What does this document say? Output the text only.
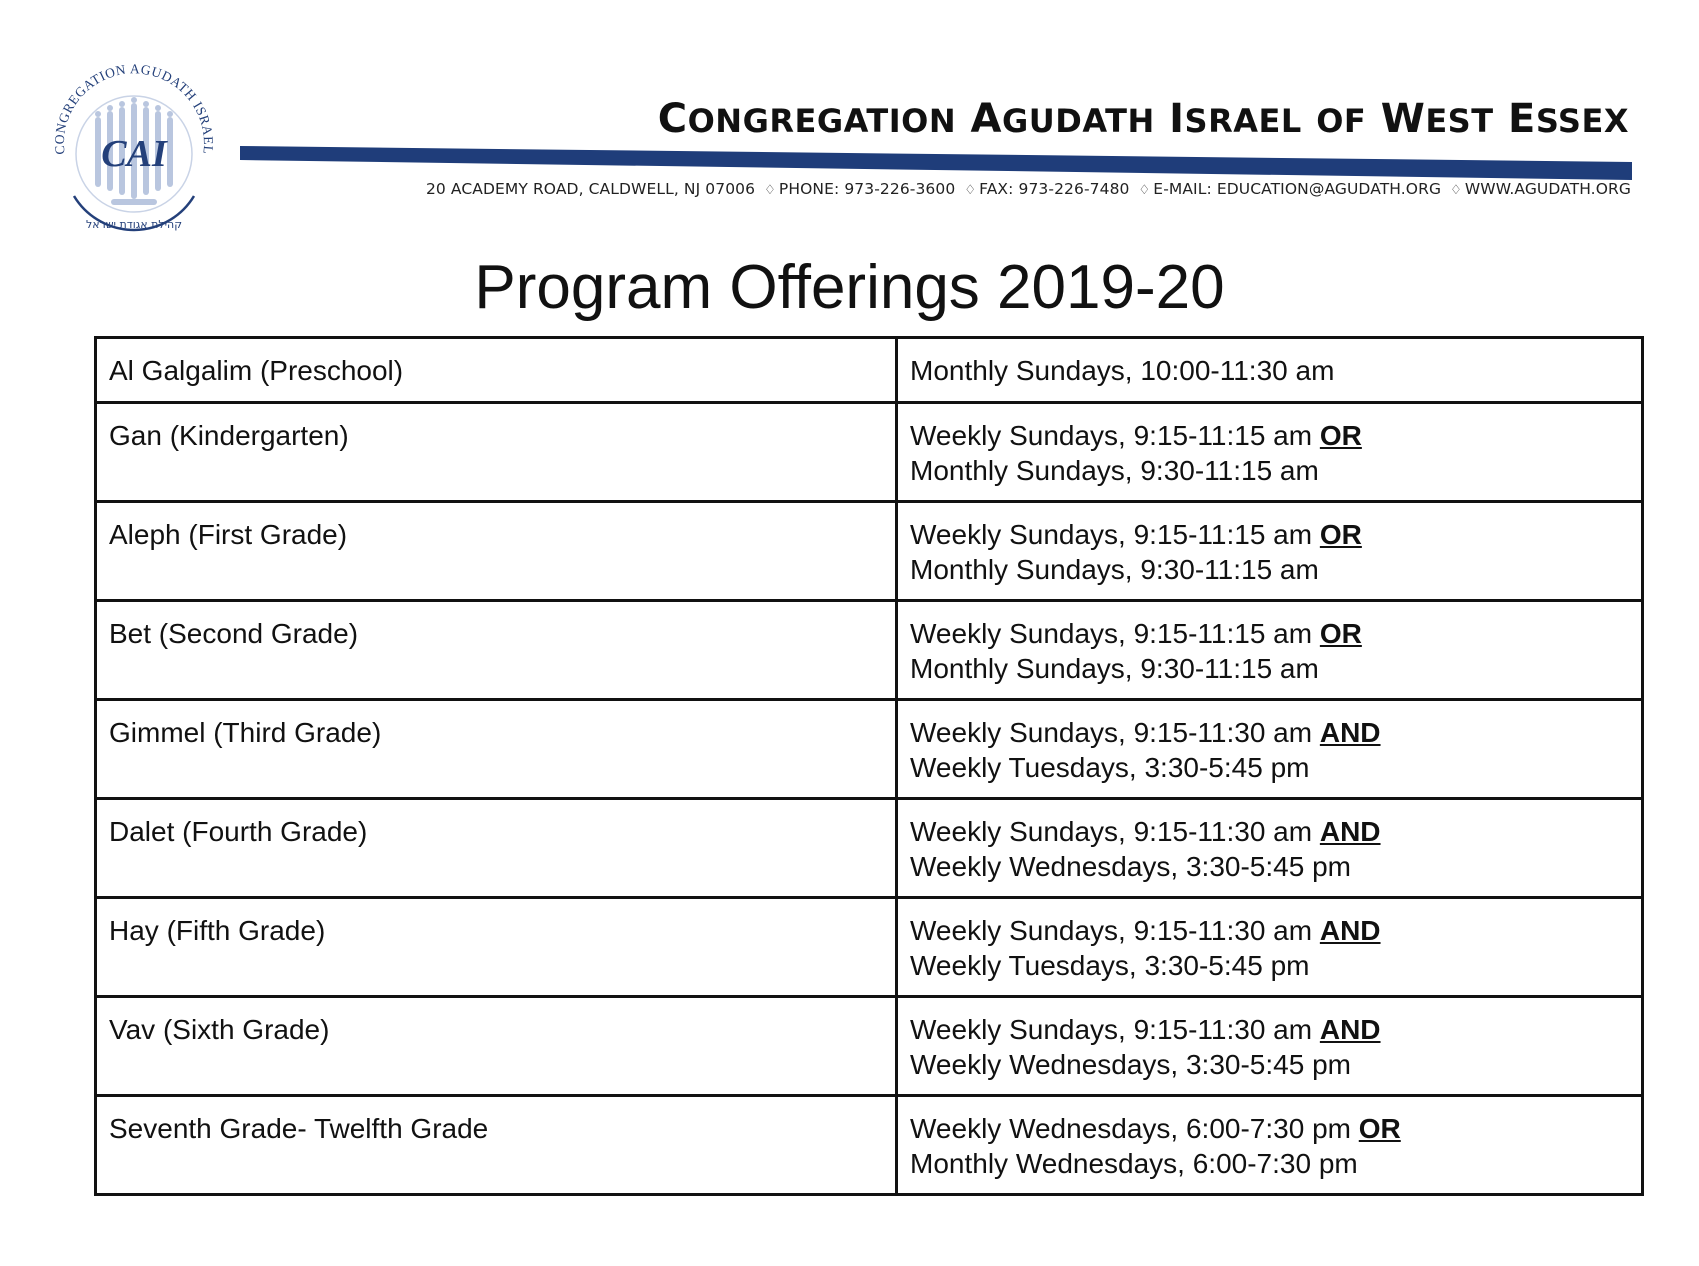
CAI
CONGREGATION AGUDATH ISRAEL
קהילת אגודת ישראל
CONGREGATION AGUDATH ISRAEL OF WEST ESSEX
20 ACADEMY ROAD, CALDWELL, NJ 07006 ♢ PHONE: 973-226-3600 ♢ FAX: 973-226-7480 ♢ E-MAIL: EDUCATION@AGUDATH.ORG ♢ WWW.AGUDATH.ORG
Program Offerings 2019-20
Al Galgalim (Preschool)	Monthly Sundays, 10:00-11:30 am

Gan (Kindergarten)	Weekly Sundays, 9:15-11:15 am OR
Monthly Sundays, 9:30-11:15 am

Aleph (First Grade)	Weekly Sundays, 9:15-11:15 am OR
Monthly Sundays, 9:30-11:15 am

Bet (Second Grade)	Weekly Sundays, 9:15-11:15 am OR
Monthly Sundays, 9:30-11:15 am

Gimmel (Third Grade)	Weekly Sundays, 9:15-11:30 am AND
Weekly Tuesdays, 3:30-5:45 pm

Dalet (Fourth Grade)	Weekly Sundays, 9:15-11:30 am AND
Weekly Wednesdays, 3:30-5:45 pm

Hay (Fifth Grade)	Weekly Sundays, 9:15-11:30 am AND
Weekly Tuesdays, 3:30-5:45 pm

Vav (Sixth Grade)	Weekly Sundays, 9:15-11:30 am AND
Weekly Wednesdays, 3:30-5:45 pm

Seventh Grade- Twelfth Grade	Weekly Wednesdays, 6:00-7:30 pm OR
Monthly Wednesdays, 6:00-7:30 pm
